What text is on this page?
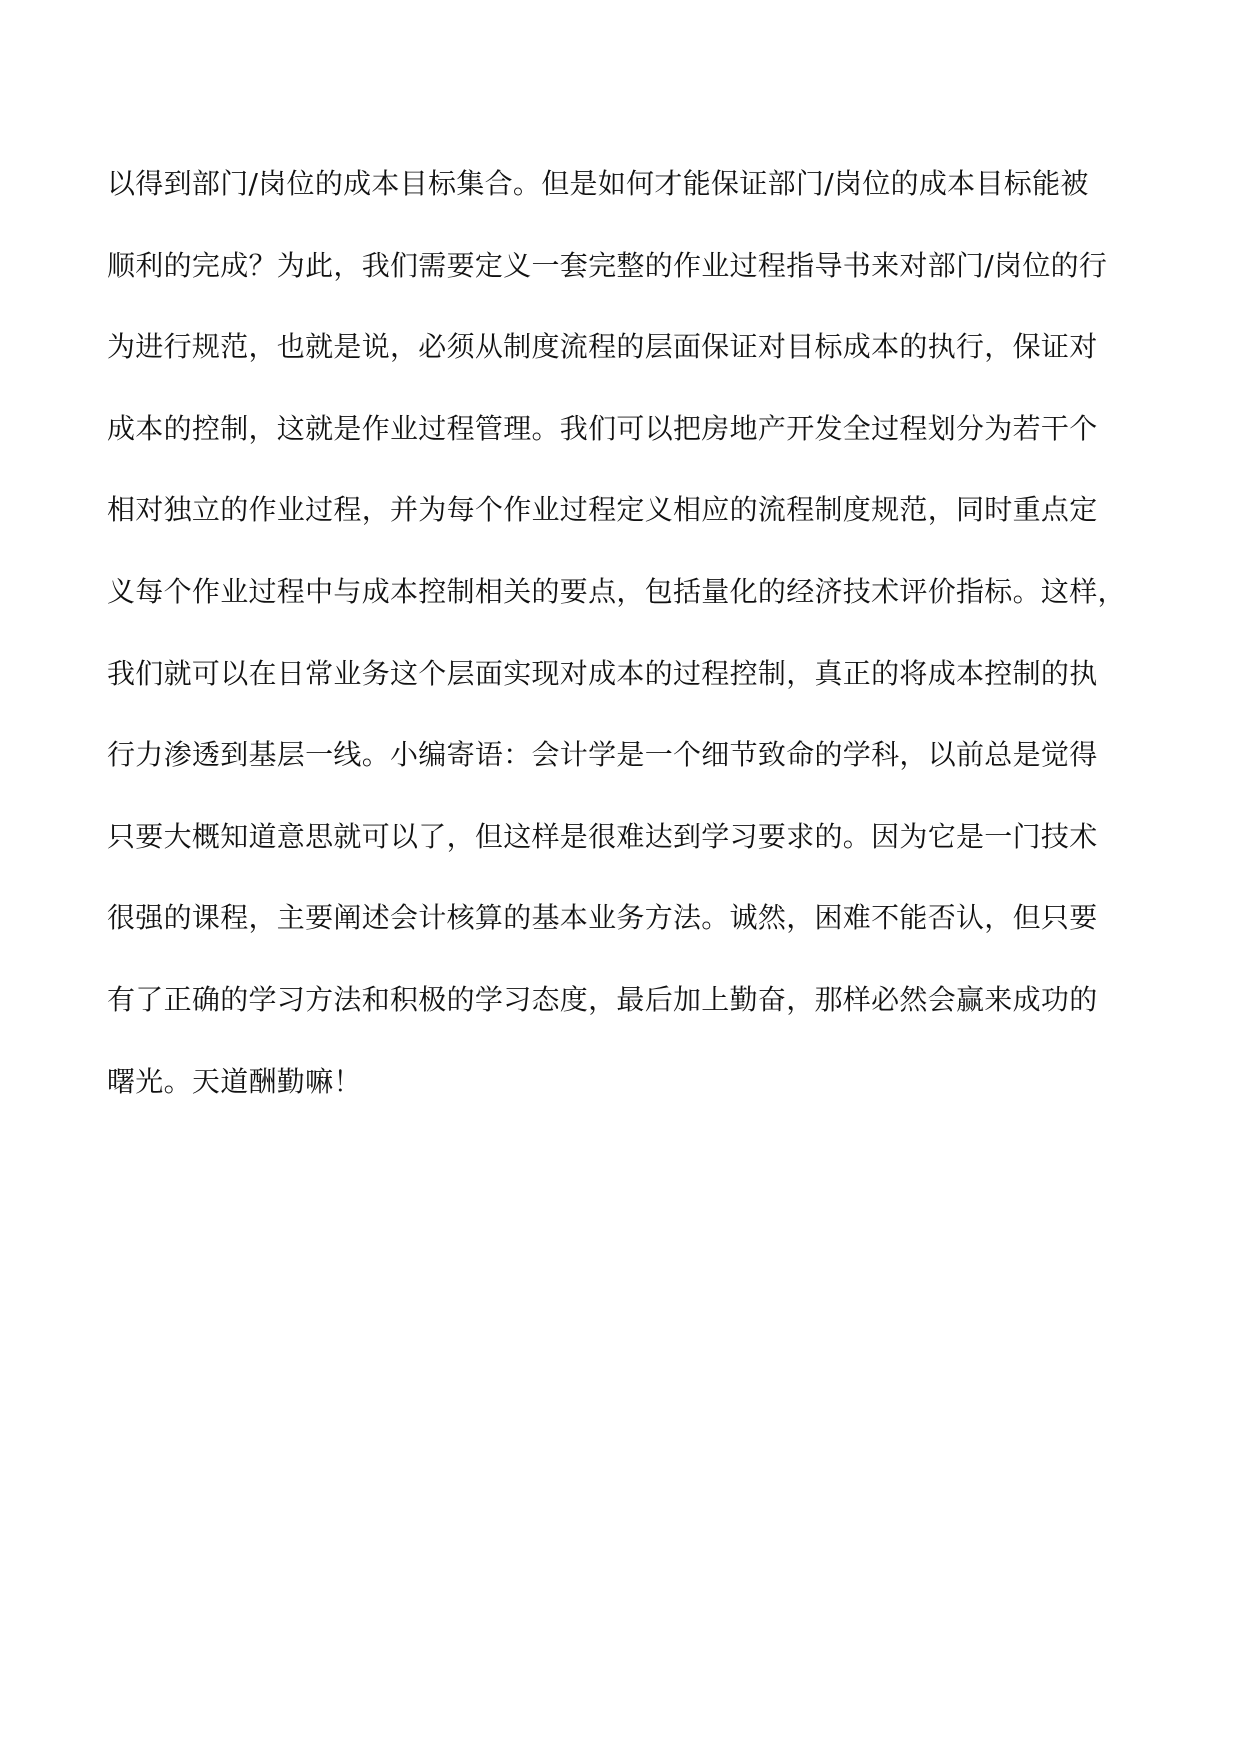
以得到部门/岗位的成本目标集合。但是如何才能保证部门/岗位的成本目标能被
顺利的完成？为此，我们需要定义一套完整的作业过程指导书来对部门/岗位的行
为进行规范，也就是说，必须从制度流程的层面保证对目标成本的执行，保证对
成本的控制，这就是作业过程管理。我们可以把房地产开发全过程划分为若干个
相对独立的作业过程，并为每个作业过程定义相应的流程制度规范，同时重点定
义每个作业过程中与成本控制相关的要点，包括量化的经济技术评价指标。这样，
我们就可以在日常业务这个层面实现对成本的过程控制，真正的将成本控制的执
行力渗透到基层一线。小编寄语：会计学是一个细节致命的学科，以前总是觉得
只要大概知道意思就可以了，但这样是很难达到学习要求的。因为它是一门技术
很强的课程，主要阐述会计核算的基本业务方法。诚然，困难不能否认，但只要
有了正确的学习方法和积极的学习态度，最后加上勤奋，那样必然会赢来成功的
曙光。天道酬勤嘛！
